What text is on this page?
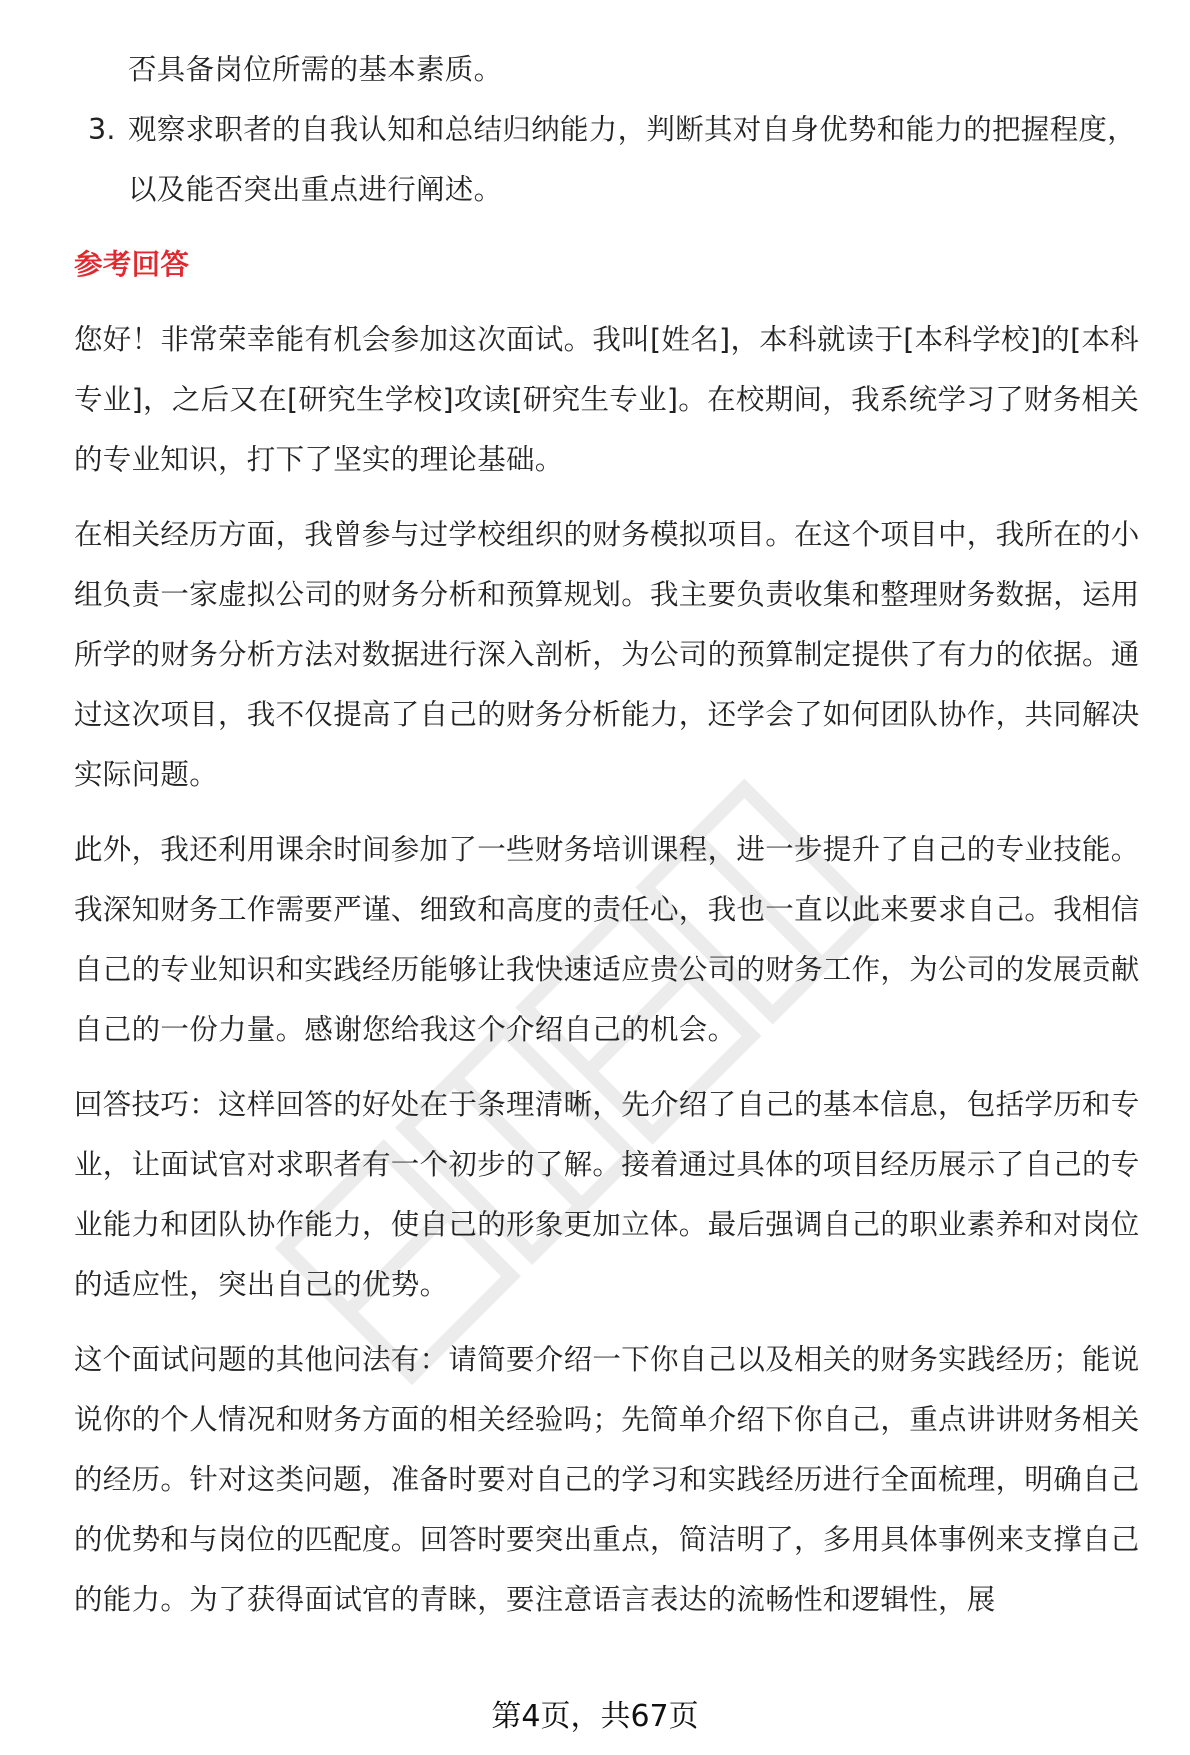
否具备岗位所需的基本素质。

3. 观察求职者的自我认知和总结归纳能力，判断其对自身优势和能力的把握程度，以及能否突出重点进行阐述。
参考回答

您好！非常荣幸能有机会参加这次面试。我叫[姓名]，本科就读于[本科学校]的[本科专业]，之后又在[研究生学校]攻读[研究生专业]。在校期间，我系统学习了财务相关的专业知识，打下了坚实的理论基础。

在相关经历方面，我曾参与过学校组织的财务模拟项目。在这个项目中，我所在的小组负责一家虚拟公司的财务分析和预算规划。我主要负责收集和整理财务数据，运用所学的财务分析方法对数据进行深入剖析，为公司的预算制定提供了有力的依据。通过这次项目，我不仅提高了自己的财务分析能力，还学会了如何团队协作，共同解决实际问题。

此外，我还利用课余时间参加了一些财务培训课程，进一步提升了自己的专业技能。我深知财务工作需要严谨、细致和高度的责任心，我也一直以此来要求自己。我相信自己的专业知识和实践经历能够让我快速适应贵公司的财务工作，为公司的发展贡献自己的一份力量。感谢您给我这个介绍自己的机会。

回答技巧：这样回答的好处在于条理清晰，先介绍了自己的基本信息，包括学历和专业，让面试官对求职者有一个初步的了解。接着通过具体的项目经历展示了自己的专业能力和团队协作能力，使自己的形象更加立体。最后强调自己的职业素养和对岗位的适应性，突出自己的优势。

这个面试问题的其他问法有：请简要介绍一下你自己以及相关的财务实践经历；能说说你的个人情况和财务方面的相关经验吗；先简单介绍下你自己，重点讲讲财务相关的经历。针对这类问题，准备时要对自己的学习和实践经历进行全面梳理，明确自己的优势和与岗位的匹配度。回答时要突出重点，简洁明了，多用具体事例来支撑自己的能力。为了获得面试官的青睐，要注意语言表达的流畅性和逻辑性，展

第4页，共67页
